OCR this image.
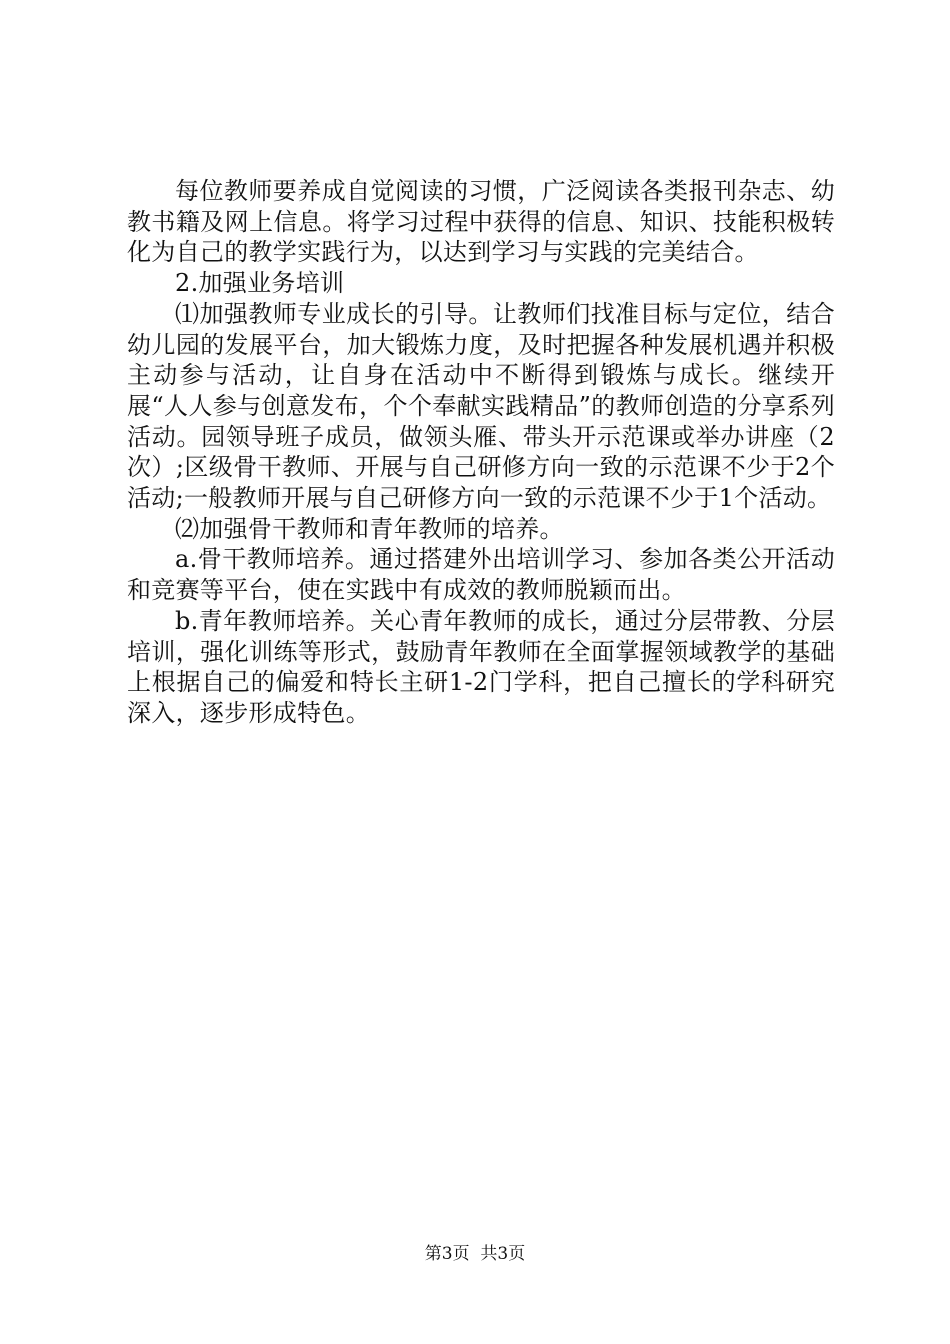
每位教师要养成自觉阅读的习惯，广泛阅读各类报刊杂志、幼教书籍及网上信息。将学习过程中获得的信息、知识、技能积极转化为自己的教学实践行为，以达到学习与实践的完美结合。

2.加强业务培训

⑴加强教师专业成长的引导。让教师们找准目标与定位，结合幼儿园的发展平台，加大锻炼力度，及时把握各种发展机遇并积极主动参与活动，让自身在活动中不断得到锻炼与成长。继续开展“人人参与创意发布，个个奉献实践精品”的教师创造的分享系列活动。园领导班子成员，做领头雁、带头开示范课或举办讲座（2次）;区级骨干教师、开展与自己研修方向一致的示范课不少于2个活动;一般教师开展与自己研修方向一致的示范课不少于1个活动。

⑵加强骨干教师和青年教师的培养。

a.骨干教师培养。通过搭建外出培训学习、参加各类公开活动和竞赛等平台，使在实践中有成效的教师脱颖而出。

b.青年教师培养。关心青年教师的成长，通过分层带教、分层培训，强化训练等形式，鼓励青年教师在全面掌握领域教学的基础上根据自己的偏爱和特长主研1-2门学科，把自己擅长的学科研究深入，逐步形成特色。

第3页 共3页
